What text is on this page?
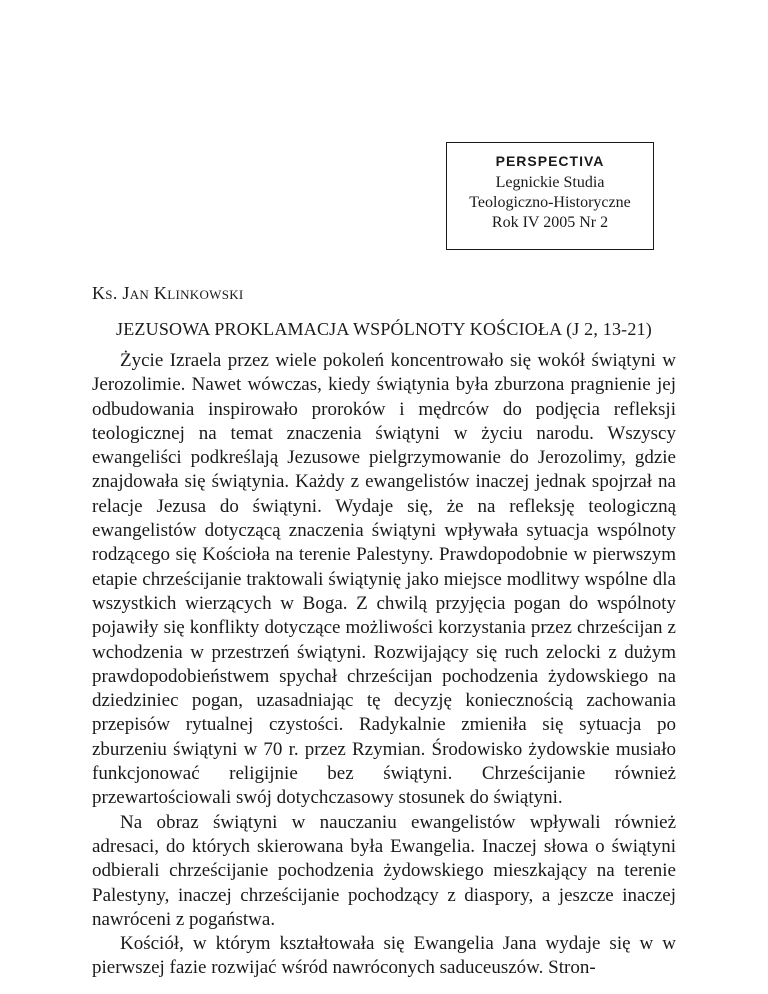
PERSPECTIVA
Legnickie Studia
Teologiczno-Historyczne
Rok IV 2005 Nr 2
Ks. Jan Klinkowski
JEZUSOWA PROKLAMACJA WSPÓLNOTY KOŚCIOŁA (J 2, 13-21)

Życie Izraela przez wiele pokoleń koncentrowało się wokół świątyni w Jerozolimie. Nawet wówczas, kiedy świątynia była zburzona pragnienie jej odbudowania inspirowało proroków i mędrców do podjęcia refleksji teologicznej na temat znaczenia świątyni w życiu narodu. Wszyscy ewangeliści podkreślają Jezusowe pielgrzymowanie do Jerozolimy, gdzie znajdowała się świątynia. Każdy z ewangelistów inaczej jednak spojrzał na relacje Jezusa do świątyni. Wydaje się, że na refleksję teologiczną ewangelistów dotyczącą znaczenia świątyni wpływała sytuacja wspólnoty rodzącego się Kościoła na terenie Palestyny. Prawdopodobnie w pierwszym etapie chrześcijanie traktowali świątynię jako miejsce modlitwy wspólne dla wszystkich wierzących w Boga. Z chwilą przyjęcia pogan do wspólnoty pojawiły się konflikty dotyczące możliwości korzystania przez chrześcijan z wchodzenia w przestrzeń świątyni. Rozwijający się ruch zelocki z dużym prawdopodobieństwem spychał chrześcijan pochodzenia żydowskiego na dziedziniec pogan, uzasadniając tę decyzję koniecznością zachowania przepisów rytualnej czystości. Radykalnie zmieniła się sytuacja po zburzeniu świątyni w 70 r. przez Rzymian. Środowisko żydowskie musiało funkcjonować religijnie bez świątyni. Chrześcijanie również przewartościowali swój dotychczasowy stosunek do świątyni.

Na obraz świątyni w nauczaniu ewangelistów wpływali również adresaci, do których skierowana była Ewangelia. Inaczej słowa o świątyni odbierali chrześcijanie pochodzenia żydowskiego mieszkający na terenie Palestyny, inaczej chrześcijanie pochodzący z diaspory, a jeszcze inaczej nawróceni z pogaństwa.

Kościół, w którym kształtowała się Ewangelia Jana wydaje się w w pierwszej fazie rozwijać wśród nawróconych saduceuszów. Stron-
